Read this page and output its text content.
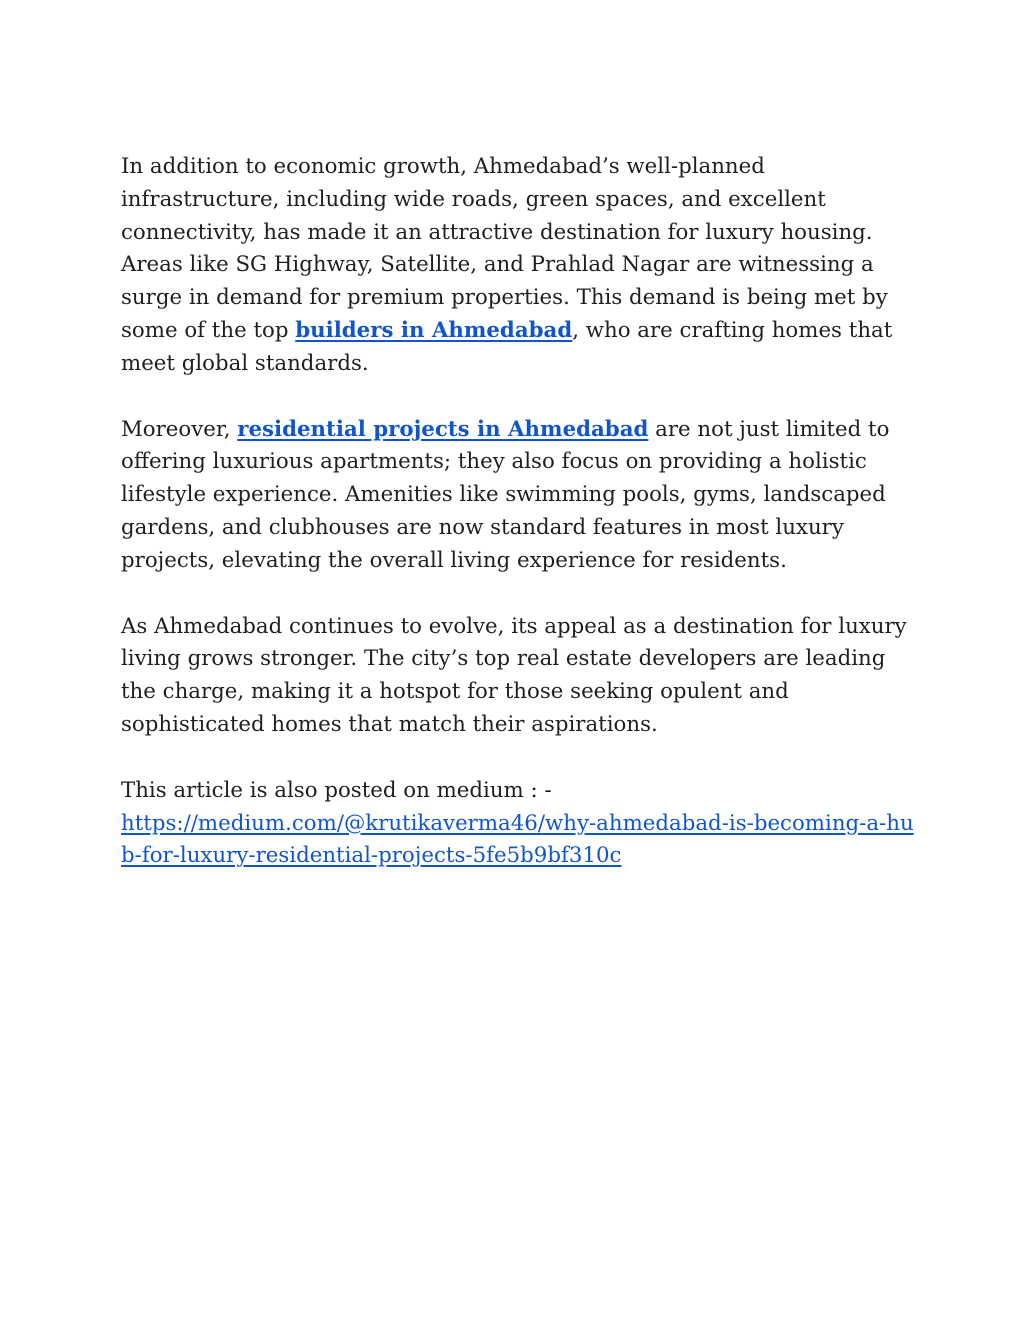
In addition to economic growth, Ahmedabad’s well-planned infrastructure, including wide roads, green spaces, and excellent connectivity, has made it an attractive destination for luxury housing. Areas like SG Highway, Satellite, and Prahlad Nagar are witnessing a surge in demand for premium properties. This demand is being met by some of the top builders in Ahmedabad, who are crafting homes that meet global standards.

Moreover, residential projects in Ahmedabad are not just limited to offering luxurious apartments; they also focus on providing a holistic lifestyle experience. Amenities like swimming pools, gyms, landscaped gardens, and clubhouses are now standard features in most luxury projects, elevating the overall living experience for residents.

As Ahmedabad continues to evolve, its appeal as a destination for luxury living grows stronger. The city’s top real estate developers are leading the charge, making it a hotspot for those seeking opulent and sophisticated homes that match their aspirations.

This article is also posted on medium : -
https://medium.com/@krutikaverma46/why-ahmedabad-is-becoming-a-hub-for-luxury-residential-projects-5fe5b9bf310c
